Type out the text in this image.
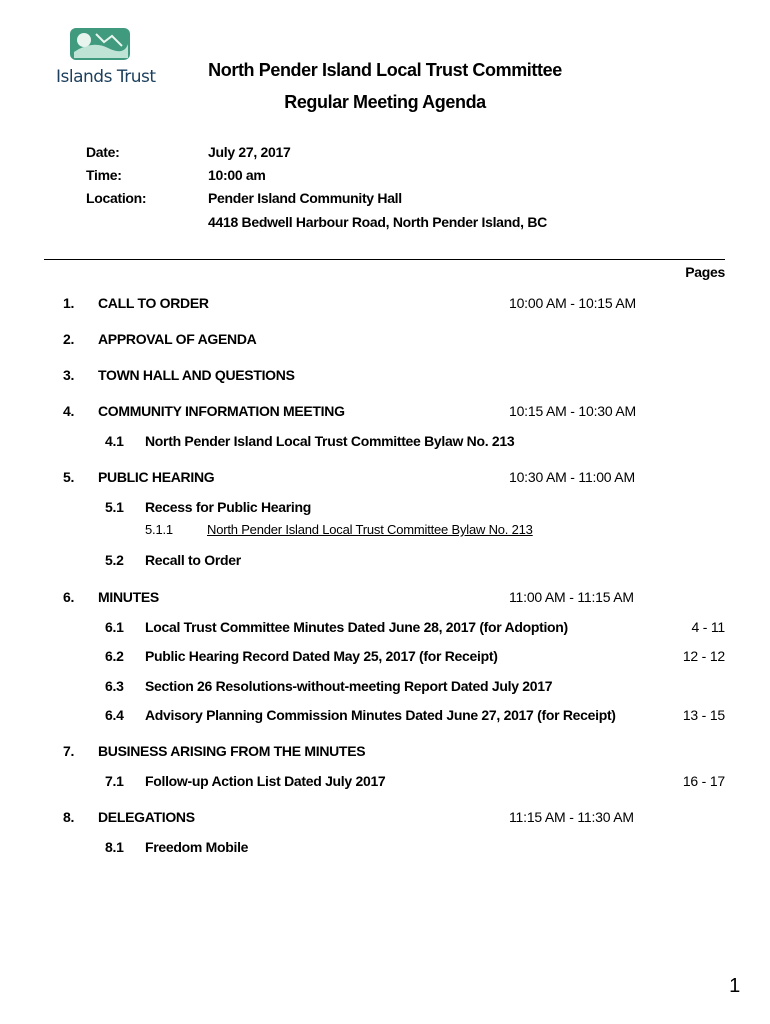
Islands Trust	North Pender Island Local Trust Committee
Regular Meeting Agenda
Date:	July 27, 2017
Time:	10:00 am
Location:	Pender Island Community Hall
4418 Bedwell Harbour Road, North Pender Island, BC
Pages
1. CALL TO ORDER	10:00 AM - 10:15 AM
2. APPROVAL OF AGENDA
3. TOWN HALL AND QUESTIONS
4. COMMUNITY INFORMATION MEETING	10:15 AM - 10:30 AM
4.1 North Pender Island Local Trust Committee Bylaw No. 213
5. PUBLIC HEARING	10:30 AM - 11:00 AM
5.1 Recess for Public Hearing
5.1.1	North Pender Island Local Trust Committee Bylaw No. 213
5.2 Recall to Order
6. MINUTES	11:00 AM - 11:15 AM
6.1 Local Trust Committee Minutes Dated June 28, 2017 (for Adoption)	4 - 11
6.2 Public Hearing Record Dated May 25, 2017 (for Receipt)	12 - 12
6.3 Section 26 Resolutions-without-meeting Report Dated July 2017
6.4 Advisory Planning Commission Minutes Dated June 27, 2017 (for Receipt)	13 - 15
7. BUSINESS ARISING FROM THE MINUTES
7.1 Follow-up Action List Dated July 2017	16 - 17
8. DELEGATIONS	11:15 AM - 11:30 AM
8.1 Freedom Mobile
1
